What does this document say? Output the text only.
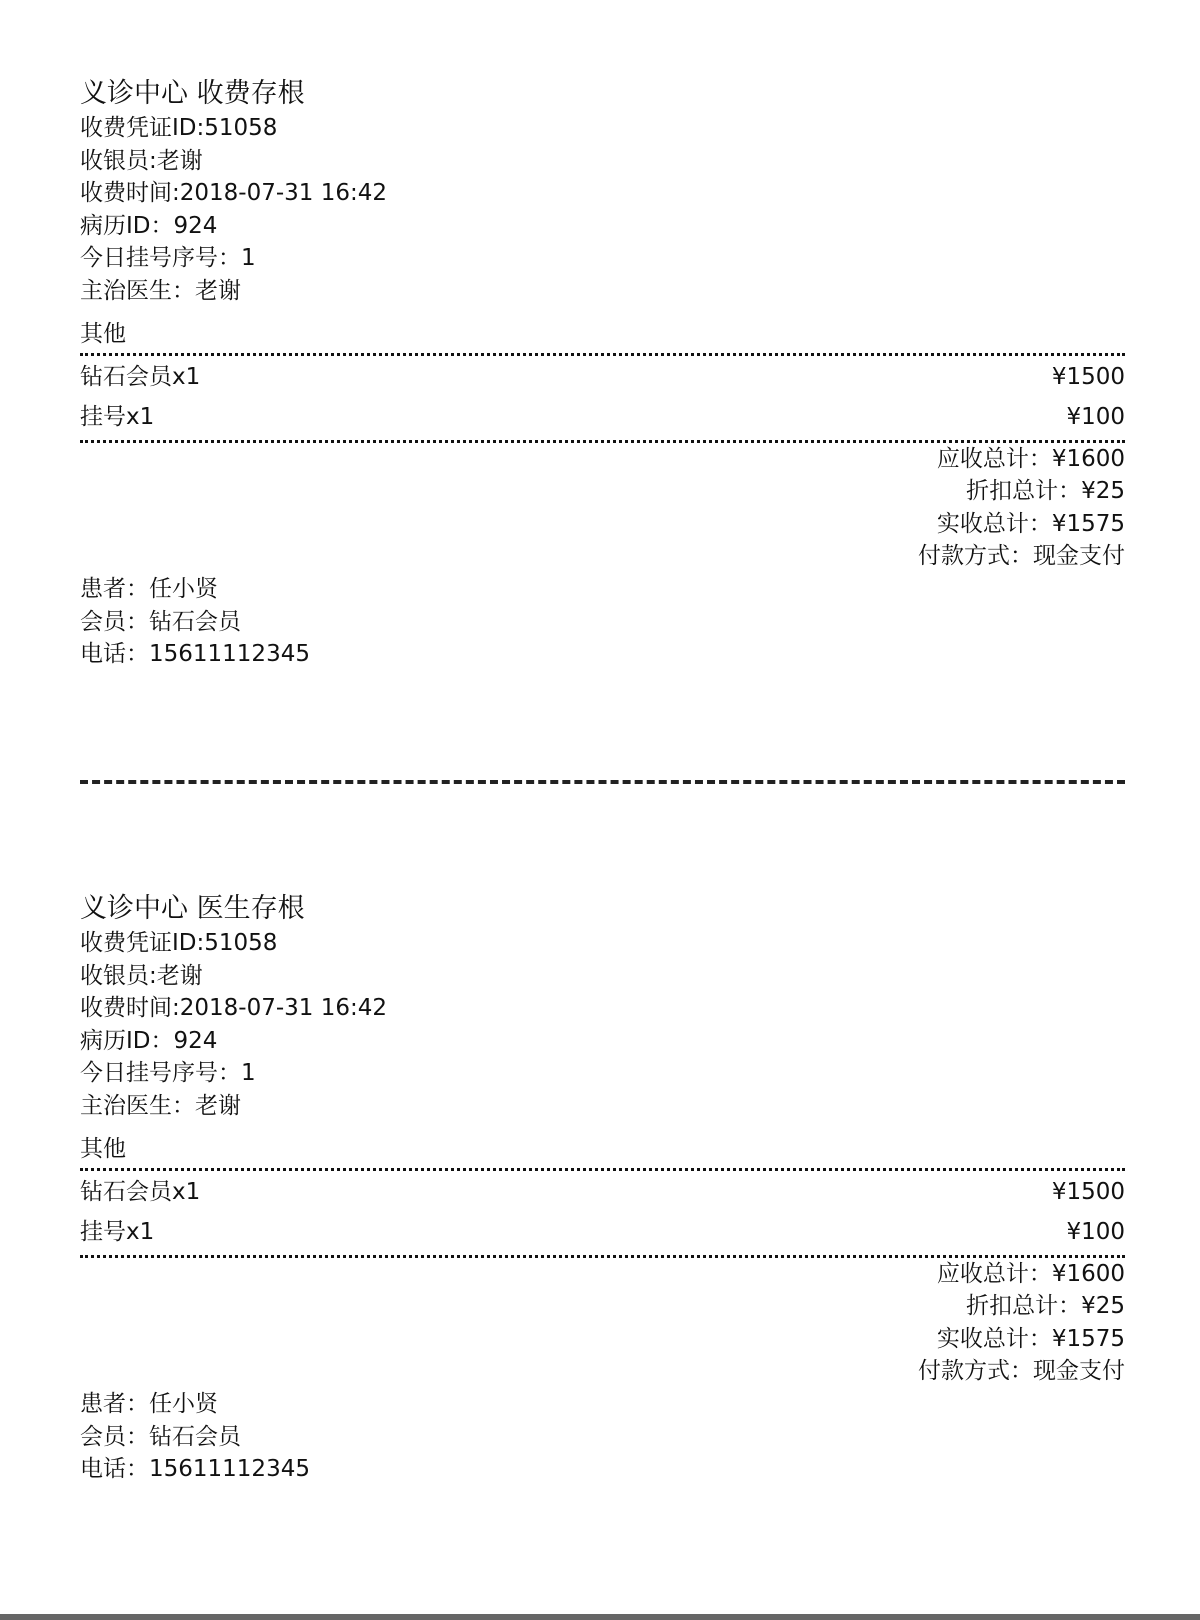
义诊中心 收费存根
收费凭证ID:51058
收银员:老谢
收费时间:2018-07-31 16:42
病历ID：924
今日挂号序号：1
主治医生：老谢
其他
钻石会员x1	¥1500
挂号x1	¥100
应收总计：¥1600
折扣总计：¥25
实收总计：¥1575
付款方式：现金支付
患者：任小贤
会员：钻石会员
电话：15611112345
义诊中心 医生存根
收费凭证ID:51058
收银员:老谢
收费时间:2018-07-31 16:42
病历ID：924
今日挂号序号：1
主治医生：老谢
其他
钻石会员x1	¥1500
挂号x1	¥100
应收总计：¥1600
折扣总计：¥25
实收总计：¥1575
付款方式：现金支付
患者：任小贤
会员：钻石会员
电话：15611112345
